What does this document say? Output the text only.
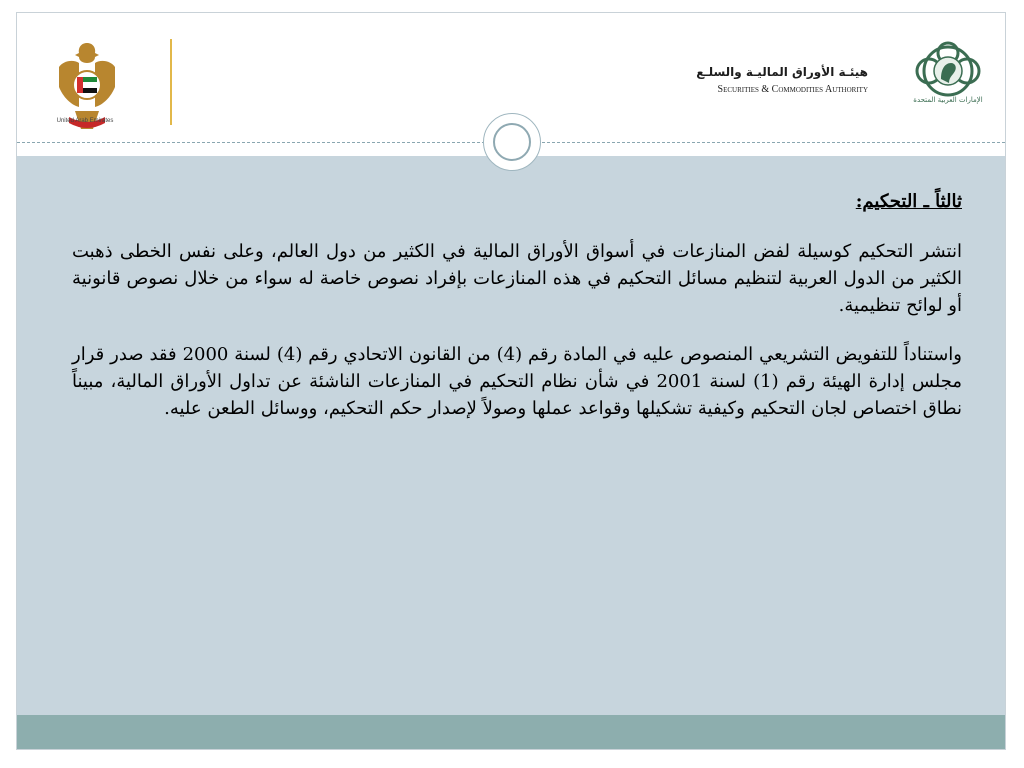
United Arab Emirates
هيئـة الأوراق الماليـة والسلـع
Securities & Commodities Authority
الإمارات العربية المتحدة
ثالثاً ـ التحكيم:

انتشر التحكيم كوسيلة لفض المنازعات في أسواق الأوراق المالية في الكثير من دول العالم، وعلى نفس الخطى ذهبت الكثير من الدول العربية لتنظيم مسائل التحكيم في هذه المنازعات بإفراد نصوص خاصة له سواء من خلال نصوص قانونية أو لوائح تنظيمية.

واستناداً للتفويض التشريعي المنصوص عليه في المادة رقم (4) من القانون الاتحادي رقم (4) لسنة 2000 فقد صدر قرار مجلس إدارة الهيئة رقم (1) لسنة 2001 في شأن نظام التحكيم في المنازعات الناشئة عن تداول الأوراق المالية، مبيناً نطاق اختصاص لجان التحكيم وكيفية تشكيلها وقواعد عملها وصولاً لإصدار حكم التحكيم، ووسائل الطعن عليه.
